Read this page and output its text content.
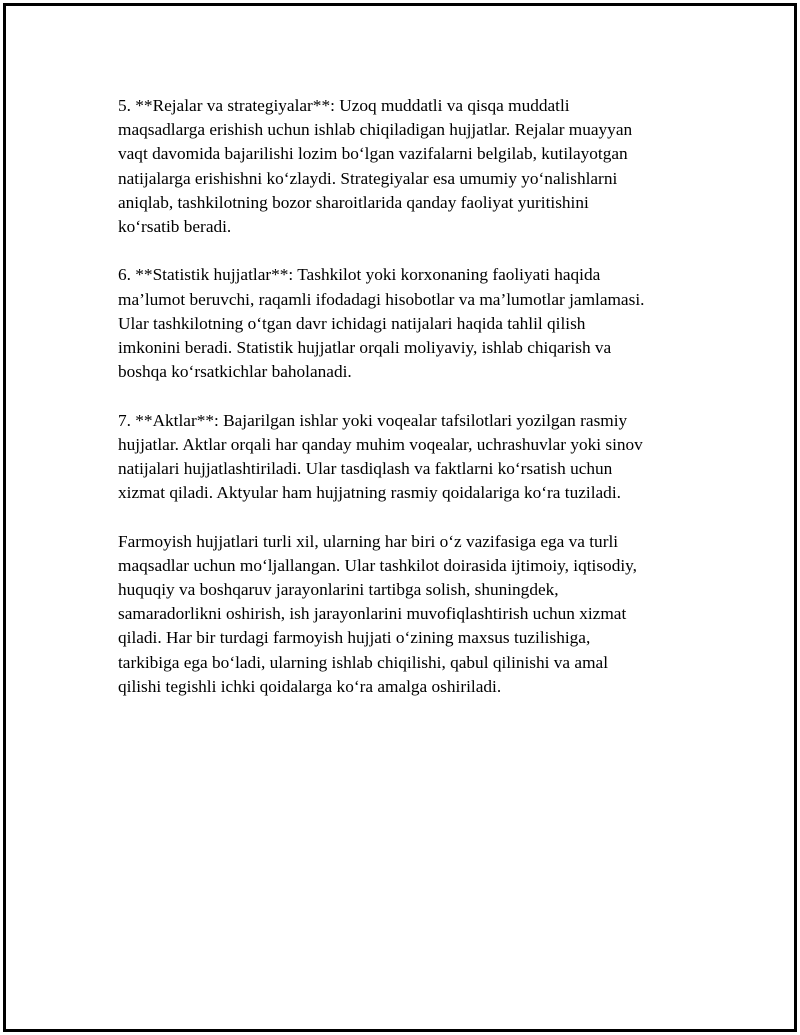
5. **Rejalar va strategiyalar**: Uzoq muddatli va qisqa muddatli
maqsadlarga erishish uchun ishlab chiqiladigan hujjatlar. Rejalar muayyan
vaqt davomida bajarilishi lozim bo‘lgan vazifalarni belgilab, kutilayotgan
natijalarga erishishni ko‘zlaydi. Strategiyalar esa umumiy yo‘nalishlarni
aniqlab, tashkilotning bozor sharoitlarida qanday faoliyat yuritishini
ko‘rsatib beradi.

6. **Statistik hujjatlar**: Tashkilot yoki korxonaning faoliyati haqida
ma’lumot beruvchi, raqamli ifodadagi hisobotlar va ma’lumotlar jamlamasi.
Ular tashkilotning o‘tgan davr ichidagi natijalari haqida tahlil qilish
imkonini beradi. Statistik hujjatlar orqali moliyaviy, ishlab chiqarish va
boshqa ko‘rsatkichlar baholanadi.

7. **Aktlar**: Bajarilgan ishlar yoki voqealar tafsilotlari yozilgan rasmiy
hujjatlar. Aktlar orqali har qanday muhim voqealar, uchrashuvlar yoki sinov
natijalari hujjatlashtiriladi. Ular tasdiqlash va faktlarni ko‘rsatish uchun
xizmat qiladi. Aktyular ham hujjatning rasmiy qoidalariga ko‘ra tuziladi.

Farmoyish hujjatlari turli xil, ularning har biri o‘z vazifasiga ega va turli
maqsadlar uchun mo‘ljallangan. Ular tashkilot doirasida ijtimoiy, iqtisodiy,
huquqiy va boshqaruv jarayonlarini tartibga solish, shuningdek,
samaradorlikni oshirish, ish jarayonlarini muvofiqlashtirish uchun xizmat
qiladi. Har bir turdagi farmoyish hujjati o‘zining maxsus tuzilishiga,
tarkibiga ega bo‘ladi, ularning ishlab chiqilishi, qabul qilinishi va amal
qilishi tegishli ichki qoidalarga ko‘ra amalga oshiriladi.
